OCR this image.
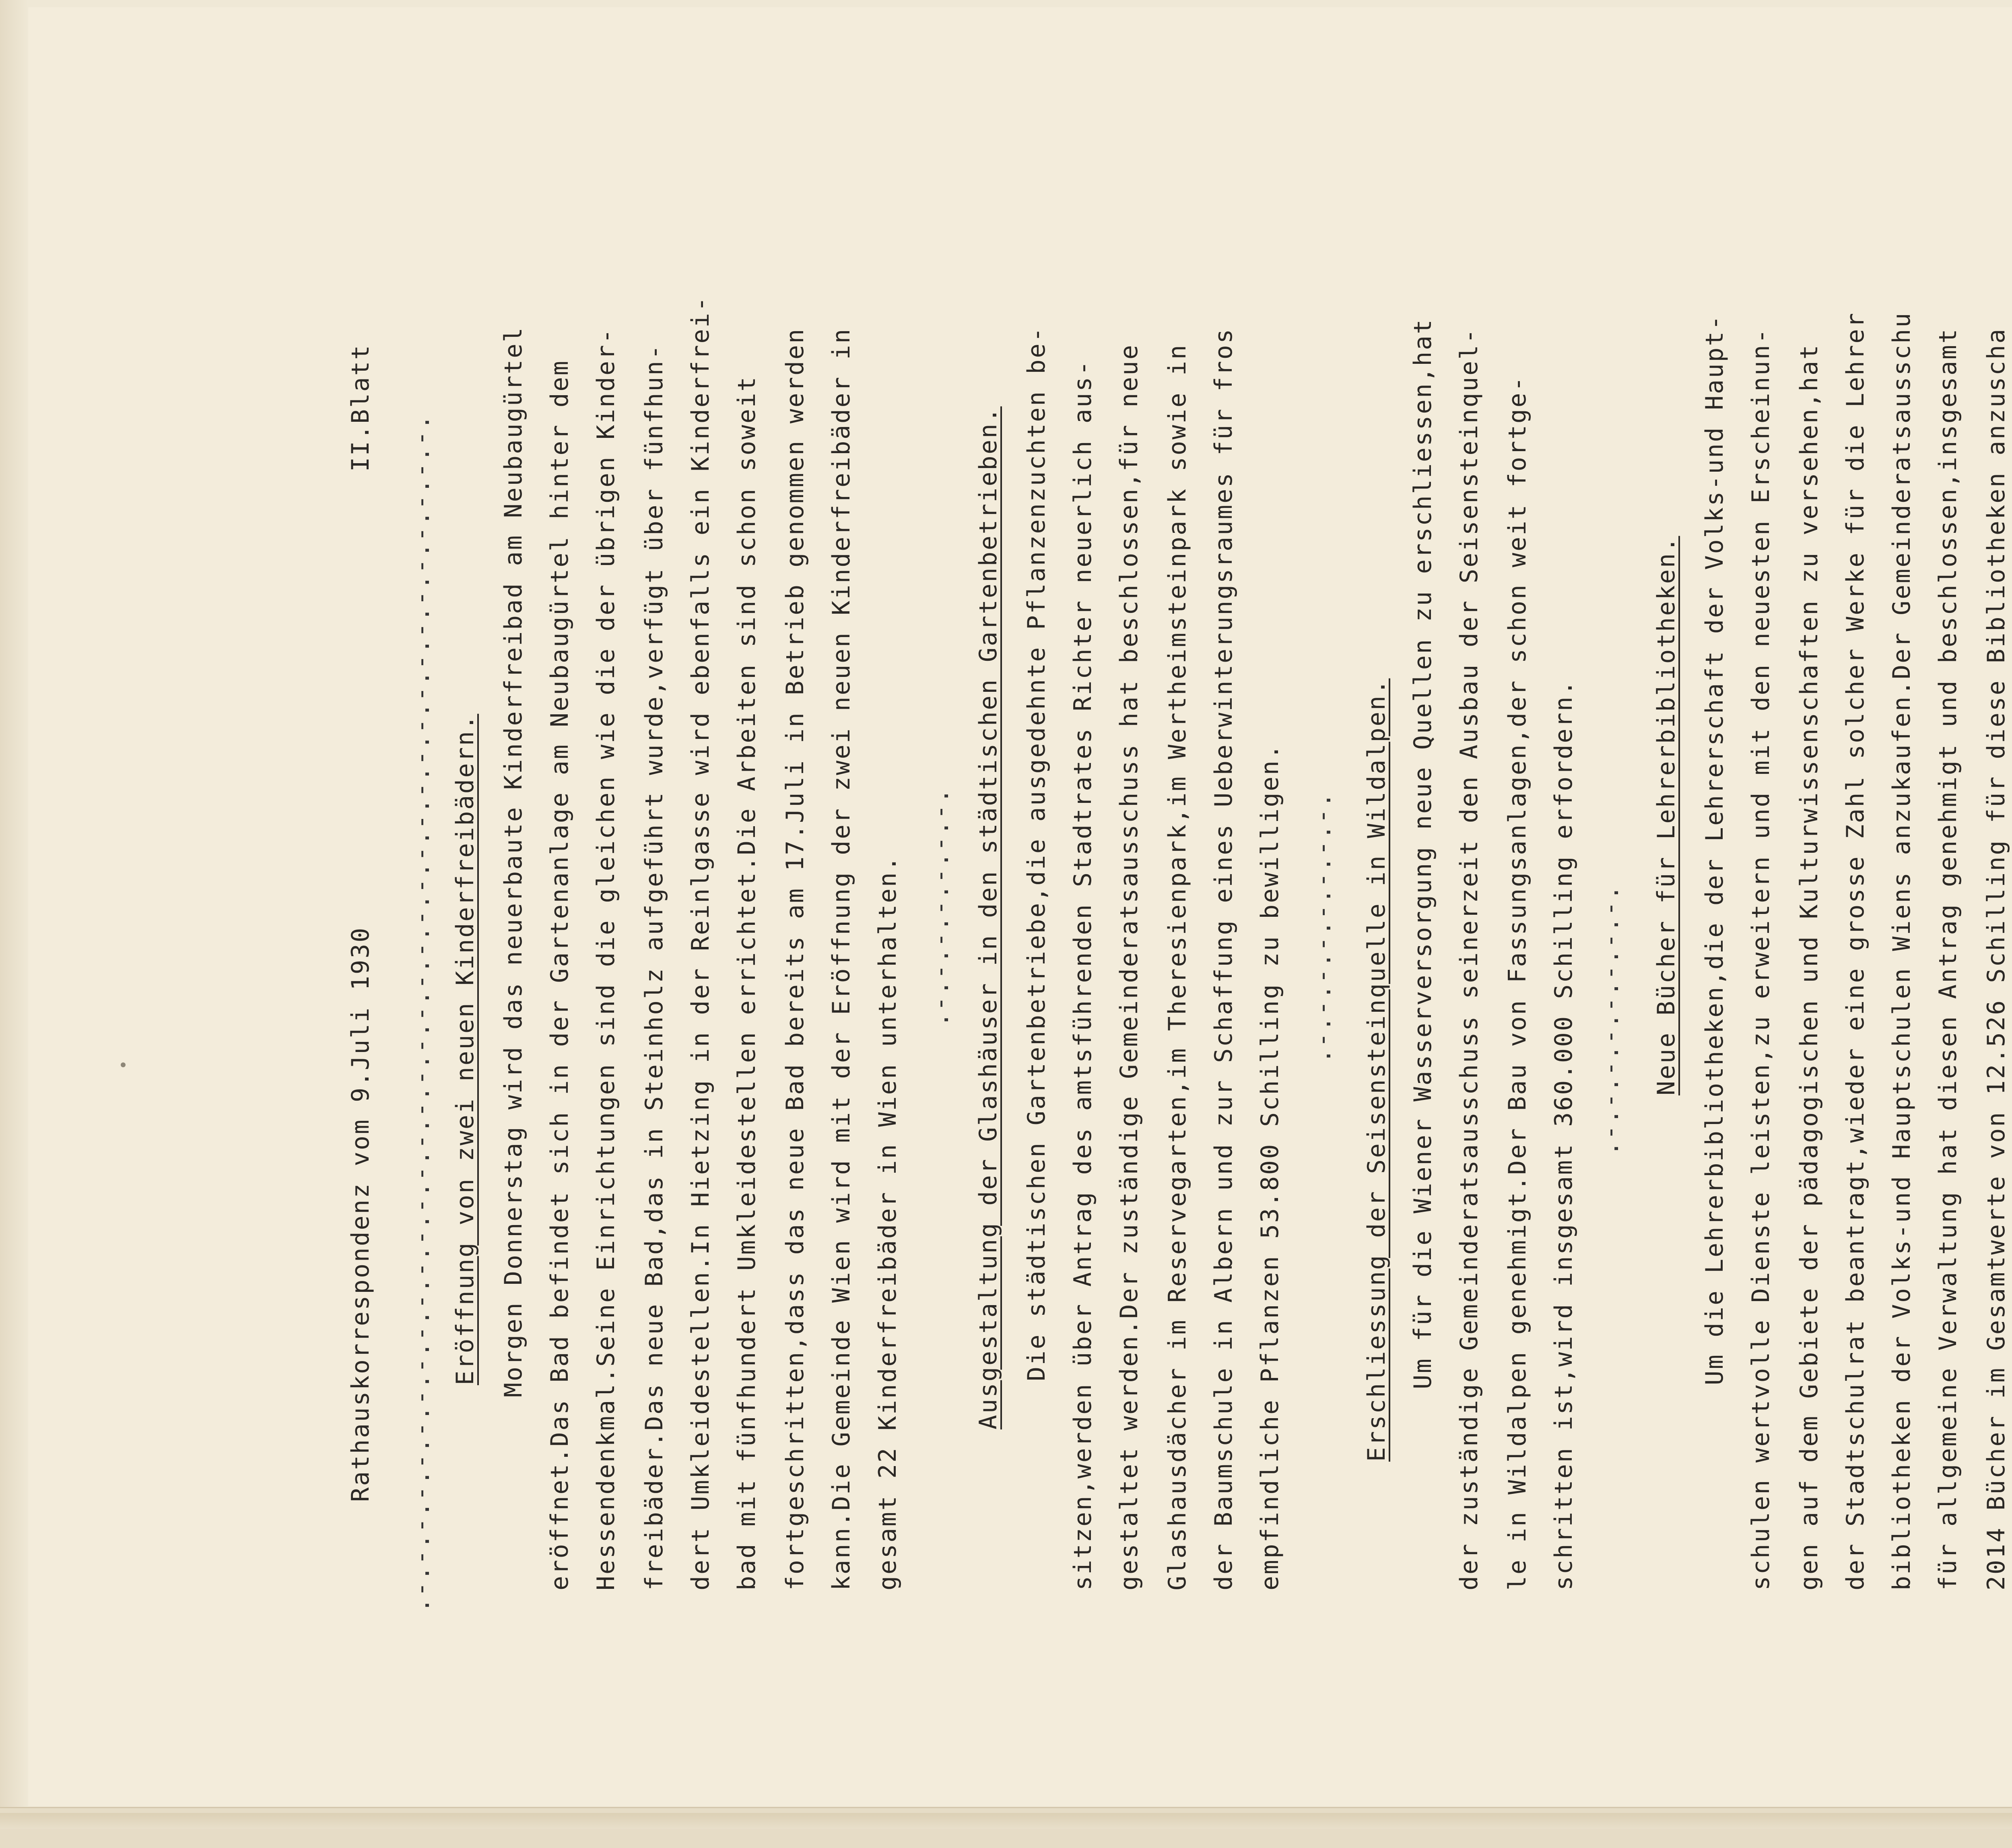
Rathauskorrespondenz vom 9.Juli 1930
II.Blatt
.-.-.-.-.-.-.-.-.-.-.-.-.-.-.-.-.-.-.-.-.-.-.-.-.-.-.-.-.-.-.-.-.-.-.-.-.-. Eröffnung von zwei neuen Kinderfreibädern. Morgen Donnerstag wird das neuerbaute Kinderfreibad am Neubaugürtel eröffnet.Das Bad befindet sich in der Gartenanlage am Neubaugürtel hinter dem Hessendenkmal.Seine Einrichtungen sind die gleichen wie die der übrigen Kinder- freibäder.Das neue Bad,das in Steinholz aufgeführt wurde,verfügt über fünfhun- dert Umkleidestellen.In Hietzing in der Reinlgasse wird ebenfalls ein Kinderfrei- bad mit fünfhundert Umkleidestellen errichtet.Die Arbeiten sind schon soweit fortgeschritten,dass das neue Bad bereits am 17.Juli in Betrieb genommen werden kann.Die Gemeinde Wien wird mit der Eröffnung der zwei neuen Kinderfreibäder in gesamt 22 Kinderfreibäder in Wien unterhalten. .-.-.-.-.-.-.-. Ausgestaltung der Glashäuser in den städtischen Gartenbetrieben. Die städtischen Gartenbetriebe,die ausgedehnte Pflanzenzuchten be- sitzen,werden über Antrag des amtsführenden Stadtrates Richter neuerlich aus- gestaltet werden.Der zuständige Gemeinderatsausschuss hat beschlossen,für neue Glashausdächer im Reservegarten,im Theresienpark,im Wertheimsteinpark sowie in der Baumschule in Albern und zur Schaffung eines Ueberwinterungsraumes für fros empfindliche Pflanzen 53.800 Schilling zu bewilligen. .-.-.-.-.-.-.-.-. Erschliessung der Seisensteinquelle in Wildalpen. Um für die Wiener Wasserversorgung neue Quellen zu erschliessen,hat der zuständige Gemeinderatsausschuss seinerzeit den Ausbau der Seisensteinquel- le in Wildalpen genehmigt.Der Bau von Fassungsanlagen,der schon weit fortge- schritten ist,wird insgesamt 360.000 Schilling erfordern. .-.-.-.-.-.-.-.-. Neue Bücher für Lehrerbibliotheken. Um die Lehrerbibliotheken,die der Lehrerschaft der Volks-und Haupt- schulen wertvolle Dienste leisten,zu erweitern und mit den neuesten Erscheinun- gen auf dem Gebiete der pädagogischen und Kulturwissenschaften zu versehen,hat der Stadtschulrat beantragt,wieder eine grosse Zahl solcher Werke für die Lehrer bibliotheken der Volks-und Hauptschulen Wiens anzukaufen.Der Gemeinderatsausschu für allgemeine Verwaltung hat diesen Antrag genehmigt und beschlossen,insgesamt 2014 Bücher im Gesamtwerte von 12.526 Schilling für diese Bibliotheken anzuscha
